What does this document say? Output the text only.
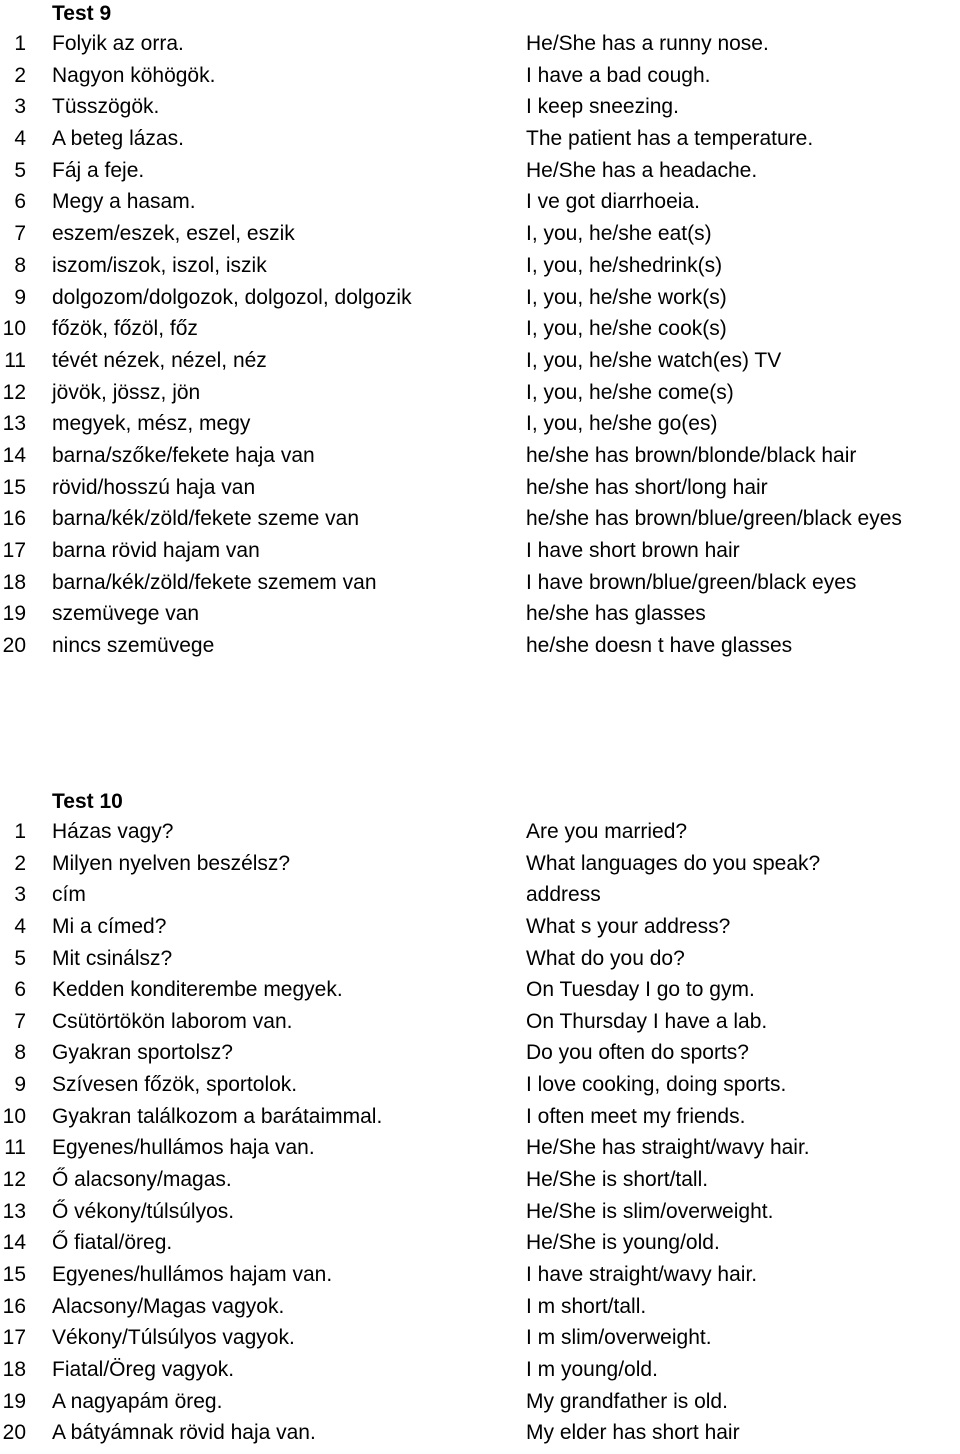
Test 9
1 Folyik az orra.	He/She has a runny nose.
2 Nagyon köhögök.	I have a bad cough.
3 Tüsszögök.	I keep sneezing.
4 A beteg lázas.	The patient has a temperature.
5 Fáj a feje.	He/She has a headache.
6 Megy a hasam.	I ve got diarrhoeia.
7 eszem/eszek, eszel, eszik	I, you, he/she eat(s)
8 iszom/iszok, iszol, iszik	I, you, he/shedrink(s)
9 dolgozom/dolgozok, dolgozol, dolgozik	I, you, he/she work(s)
10 főzök, főzöl, főz	I, you, he/she cook(s)
11 tévét nézek, nézel, néz	I, you, he/she watch(es) TV
12 jövök, jössz, jön	I, you, he/she come(s)
13 megyek, mész, megy	I, you, he/she go(es)
14 barna/szőke/fekete haja van	he/she has brown/blonde/black hair
15 rövid/hosszú haja van	he/she has short/long hair
16 barna/kék/zöld/fekete szeme van	he/she has brown/blue/green/black eyes
17 barna rövid hajam van	I have short brown hair
18 barna/kék/zöld/fekete szemem van	I have brown/blue/green/black eyes
19 szemüvege van	he/she has glasses
20 nincs szemüvege	he/she doesn t have glasses
Test 10
1 Házas vagy?	Are you married?
2 Milyen nyelven beszélsz?	What languages do you speak?
3 cím	address
4 Mi a címed?	What s your address?
5 Mit csinálsz?	What do you do?
6 Kedden konditerembe megyek.	On Tuesday I go to gym.
7 Csütörtökön laborom van.	On Thursday I have a lab.
8 Gyakran sportolsz?	Do you often do sports?
9 Szívesen főzök, sportolok.	I love cooking, doing sports.
10 Gyakran találkozom a barátaimmal.	I often meet my friends.
11 Egyenes/hullámos haja van.	He/She has straight/wavy hair.
12 Ő alacsony/magas.	He/She is short/tall.
13 Ő vékony/túlsúlyos.	He/She is slim/overweight.
14 Ő fiatal/öreg.	He/She is young/old.
15 Egyenes/hullámos hajam van.	I have straight/wavy hair.
16 Alacsony/Magas vagyok.	I m short/tall.
17 Vékony/Túlsúlyos vagyok.	I m slim/overweight.
18 Fiatal/Öreg vagyok.	I m young/old.
19 A nagyapám öreg.	My grandfather is old.
20 A bátyámnak rövid haja van.	My elder has short hair
